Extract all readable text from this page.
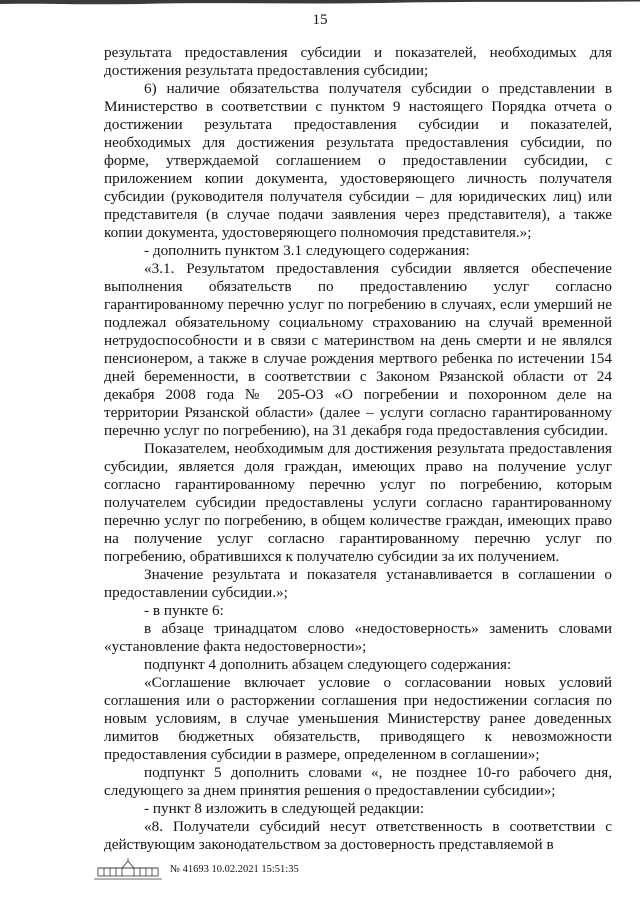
15

результата предоставления субсидии и показателей, необходимых для достижения результата предоставления субсидии;

6) наличие обязательства получателя субсидии о представлении в Министерство в соответствии с пунктом 9 настоящего Порядка отчета о достижении результата предоставления субсидии и показателей, необходимых для достижения результата предоставления субсидии, по форме, утверждаемой соглашением о предоставлении субсидии, с приложением копии документа, удостоверяющего личность получателя субсидии (руководителя получателя субсидии – для юридических лиц) или представителя (в случае подачи заявления через представителя), а также копии документа, удостоверяющего полномочия представителя.»;

- дополнить пунктом 3.1 следующего содержания:

«3.1. Результатом предоставления субсидии является обеспечение выполнения обязательств по предоставлению услуг согласно гарантированному перечню услуг по погребению в случаях, если умерший не подлежал обязательному социальному страхованию на случай временной нетрудоспособности и в связи с материнством на день смерти и не являлся пенсионером, а также в случае рождения мертвого ребенка по истечении 154 дней беременности, в соответствии с Законом Рязанской области от 24 декабря 2008 года № 205-ОЗ «О погребении и похоронном деле на территории Рязанской области» (далее – услуги согласно гарантированному перечню услуг по погребению), на 31 декабря года предоставления субсидии.

Показателем, необходимым для достижения результата предоставления субсидии, является доля граждан, имеющих право на получение услуг согласно гарантированному перечню услуг по погребению, которым получателем субсидии предоставлены услуги согласно гарантированному перечню услуг по погребению, в общем количестве граждан, имеющих право на получение услуг согласно гарантированному перечню услуг по погребению, обратившихся к получателю субсидии за их получением.

Значение результата и показателя устанавливается в соглашении о предоставлении субсидии.»;

- в пункте 6:

в абзаце тринадцатом слово «недостоверность» заменить словами «установление факта недостоверности»;

подпункт 4 дополнить абзацем следующего содержания:

«Соглашение включает условие о согласовании новых условий соглашения или о расторжении соглашения при недостижении согласия по новым условиям, в случае уменьшения Министерству ранее доведенных лимитов бюджетных обязательств, приводящего к невозможности предоставления субсидии в размере, определенном в соглашении»;

подпункт 5 дополнить словами «, не позднее 10-го рабочего дня, следующего за днем принятия решения о предоставлении субсидии»;

- пункт 8 изложить в следующей редакции:

«8. Получатели субсидий несут ответственность в соответствии с действующим законодательством за достоверность представляемой в

№ 41693 10.02.2021 15:51:35
